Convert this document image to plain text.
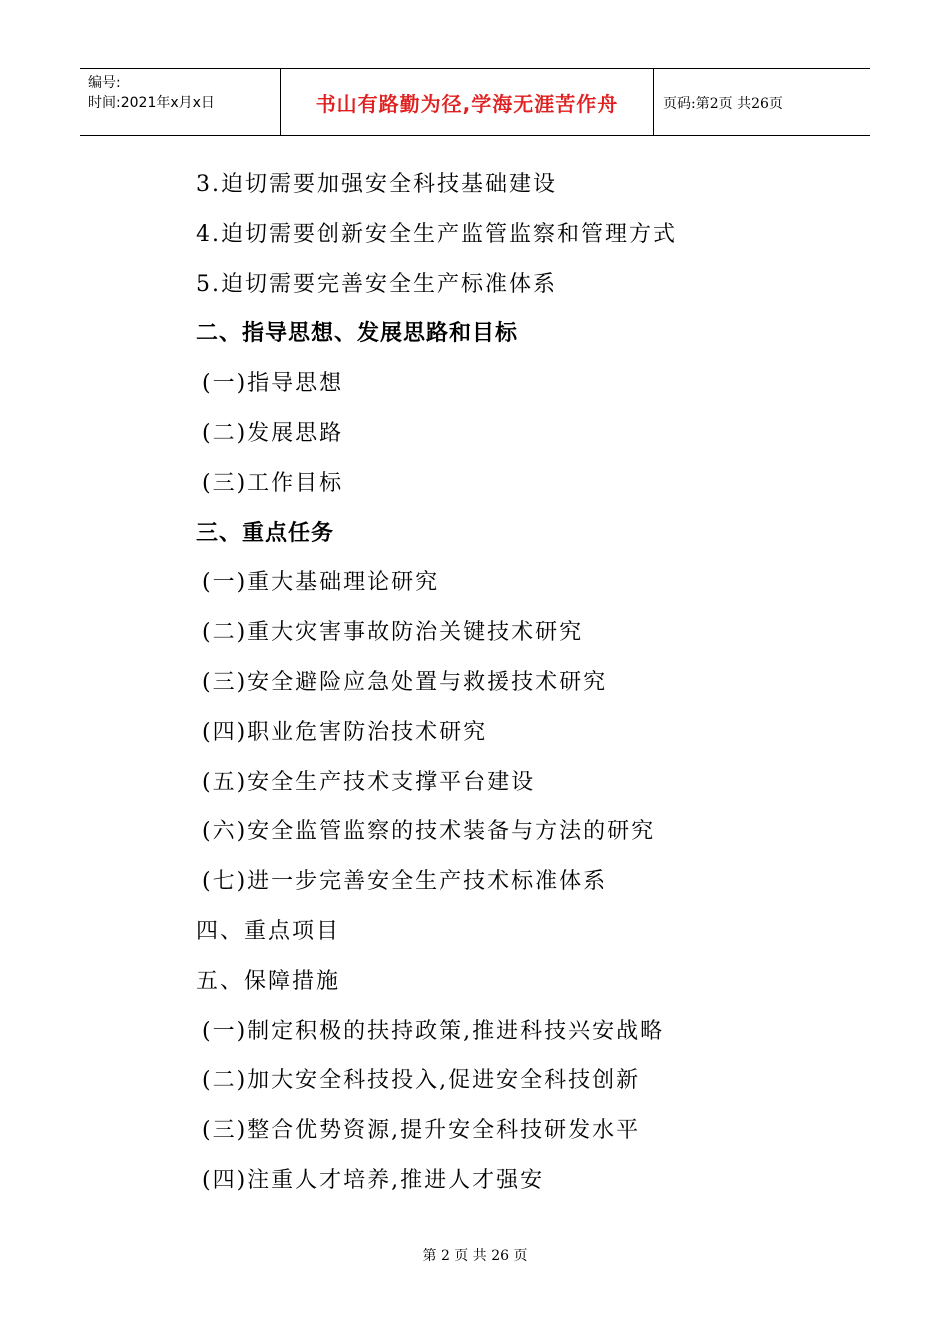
编号:
时间:2021年x月x日	书山有路勤为径,学海无涯苦作舟	页码:第2页 共26页
3.迫切需要加强安全科技基础建设
4.迫切需要创新安全生产监管监察和管理方式
5.迫切需要完善安全生产标准体系
二、指导思想、发展思路和目标
(一)指导思想
(二)发展思路
(三)工作目标
三、重点任务
(一)重大基础理论研究
(二)重大灾害事故防治关键技术研究
(三)安全避险应急处置与救援技术研究
(四)职业危害防治技术研究
(五)安全生产技术支撑平台建设
(六)安全监管监察的技术装备与方法的研究
(七)进一步完善安全生产技术标准体系
四、重点项目
五、保障措施
(一)制定积极的扶持政策,推进科技兴安战略
(二)加大安全科技投入,促进安全科技创新
(三)整合优势资源,提升安全科技研发水平
(四)注重人才培养,推进人才强安
第 2 页 共 26 页
